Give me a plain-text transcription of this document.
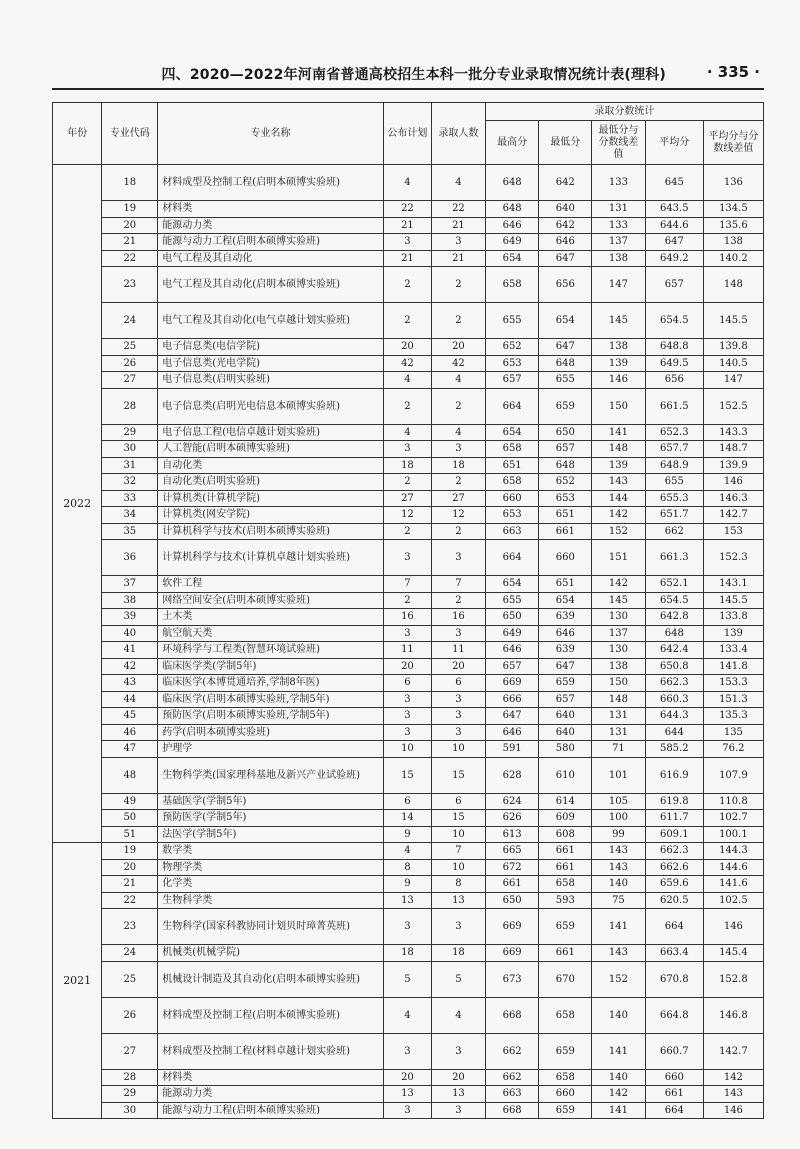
四、2020—2022年河南省普通高校招生本科一批分专业录取情况统计表(理科)	· 335 ·
年份	专业代码	专业名称	公布计划	录取人数	录取分数统计				
					最高分	最低分	最低分与分数线差值	平均分	平均分与分数线差值
2022	18	材料成型及控制工程(启明本硕博实验班)	4	4	648	642	133	645	136
	19	材料类	22	22	648	640	131	643.5	134.5
	20	能源动力类	21	21	646	642	133	644.6	135.6
	21	能源与动力工程(启明本硕博实验班)	3	3	649	646	137	647	138
	22	电气工程及其自动化	21	21	654	647	138	649.2	140.2
	23	电气工程及其自动化(启明本硕博实验班)	2	2	658	656	147	657	148
	24	电气工程及其自动化(电气卓越计划实验班)	2	2	655	654	145	654.5	145.5
	25	电子信息类(电信学院)	20	20	652	647	138	648.8	139.8
	26	电子信息类(光电学院)	42	42	653	648	139	649.5	140.5
	27	电子信息类(启明实验班)	4	4	657	655	146	656	147
	28	电子信息类(启明光电信息本硕博实验班)	2	2	664	659	150	661.5	152.5
	29	电子信息工程(电信卓越计划实验班)	4	4	654	650	141	652.3	143.3
	30	人工智能(启明本硕博实验班)	3	3	658	657	148	657.7	148.7
	31	自动化类	18	18	651	648	139	648.9	139.9
	32	自动化类(启明实验班)	2	2	658	652	143	655	146
	33	计算机类(计算机学院)	27	27	660	653	144	655.3	146.3
	34	计算机类(网安学院)	12	12	653	651	142	651.7	142.7
	35	计算机科学与技术(启明本硕博实验班)	2	2	663	661	152	662	153
	36	计算机科学与技术(计算机卓越计划实验班)	3	3	664	660	151	661.3	152.3
	37	软件工程	7	7	654	651	142	652.1	143.1
	38	网络空间安全(启明本硕博实验班)	2	2	655	654	145	654.5	145.5
	39	土木类	16	16	650	639	130	642.8	133.8
	40	航空航天类	3	3	649	646	137	648	139
	41	环境科学与工程类(智慧环境试验班)	11	11	646	639	130	642.4	133.4
	42	临床医学类(学制5年)	20	20	657	647	138	650.8	141.8
	43	临床医学(本博贯通培养,学制8年医)	6	6	669	659	150	662.3	153.3
	44	临床医学(启明本硕博实验班,学制5年)	3	3	666	657	148	660.3	151.3
	45	预防医学(启明本硕博实验班,学制5年)	3	3	647	640	131	644.3	135.3
	46	药学(启明本硕博实验班)	3	3	646	640	131	644	135
	47	护理学	10	10	591	580	71	585.2	76.2
	48	生物科学类(国家理科基地及新兴产业试验班)	15	15	628	610	101	616.9	107.9
	49	基础医学(学制5年)	6	6	624	614	105	619.8	110.8
	50	预防医学(学制5年)	14	15	626	609	100	611.7	102.7
	51	法医学(学制5年)	9	10	613	608	99	609.1	100.1
2021	19	数学类	4	7	665	661	143	662.3	144.3
	20	物理学类	8	10	672	661	143	662.6	144.6
	21	化学类	9	8	661	658	140	659.6	141.6
	22	生物科学类	13	13	650	593	75	620.5	102.5
	23	生物科学(国家科教协同计划贝时璋菁英班)	3	3	669	659	141	664	146
	24	机械类(机械学院)	18	18	669	661	143	663.4	145.4
	25	机械设计制造及其自动化(启明本硕博实验班)	5	5	673	670	152	670.8	152.8
	26	材料成型及控制工程(启明本硕博实验班)	4	4	668	658	140	664.8	146.8
	27	材料成型及控制工程(材料卓越计划实验班)	3	3	662	659	141	660.7	142.7
	28	材料类	20	20	662	658	140	660	142
	29	能源动力类	13	13	663	660	142	661	143
	30	能源与动力工程(启明本硕博实验班)	3	3	668	659	141	664	146
